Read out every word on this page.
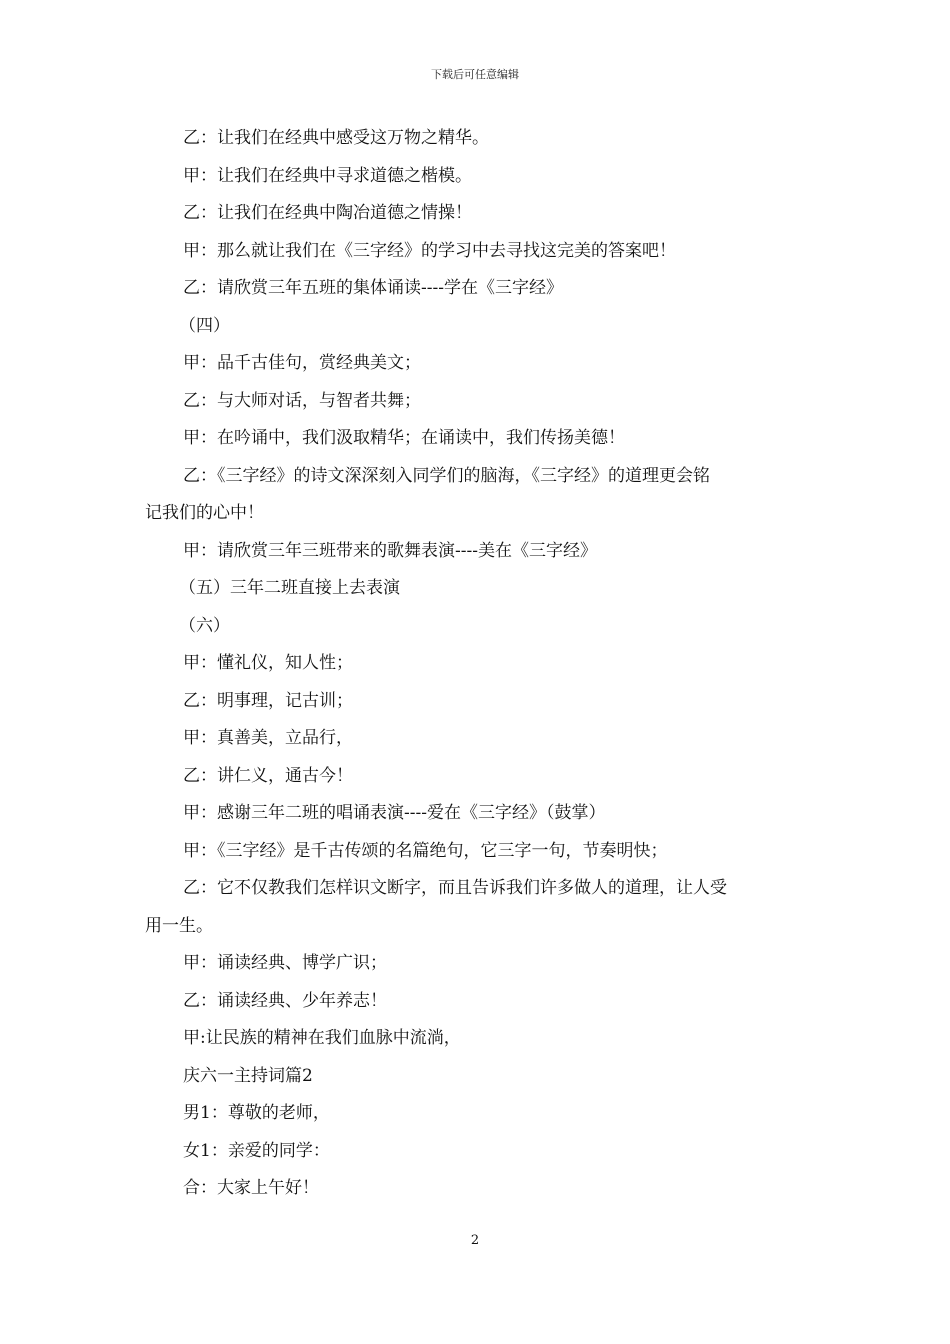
下载后可任意编辑
乙：让我们在经典中感受这万物之精华。
甲：让我们在经典中寻求道德之楷模。
乙：让我们在经典中陶冶道德之情操！
甲：那么就让我们在《三字经》的学习中去寻找这完美的答案吧！
乙：请欣赏三年五班的集体诵读----学在《三字经》
（四）
甲：品千古佳句，赏经典美文；
乙：与大师对话，与智者共舞；
甲：在吟诵中，我们汲取精华；在诵读中，我们传扬美德！
乙：《三字经》的诗文深深刻入同学们的脑海，《三字经》的道理更会铭
记我们的心中！
甲：请欣赏三年三班带来的歌舞表演----美在《三字经》
（五）三年二班直接上去表演
（六）
甲：懂礼仪，知人性；
乙：明事理，记古训；
甲：真善美，立品行，
乙：讲仁义，通古今！
甲：感谢三年二班的唱诵表演----爱在《三字经》（鼓掌）
甲：《三字经》是千古传颂的名篇绝句，它三字一句，节奏明快；
乙：它不仅教我们怎样识文断字，而且告诉我们许多做人的道理，让人受
用一生。
甲：诵读经典、博学广识；
乙：诵读经典、少年养志！
甲:让民族的精神在我们血脉中流淌，
庆六一主持词篇2
男1：尊敬的老师，
女1：亲爱的同学：
合：大家上午好！
2
